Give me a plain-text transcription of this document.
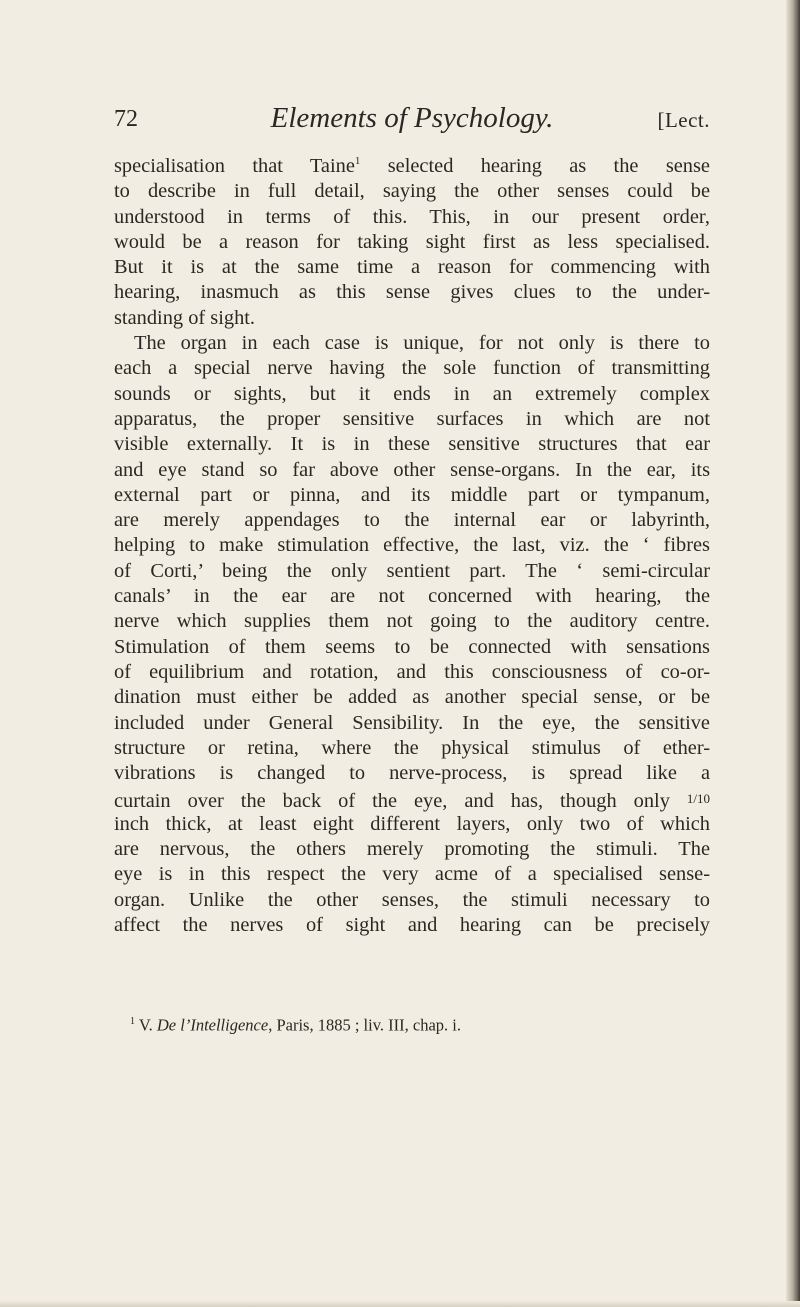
72	Elements of Psychology.	[Lect.
specialisation that Taine$^1$ selected hearing as the sense
to describe in full detail, saying the other senses could be
understood in terms of this. This, in our present order,
would be a reason for taking sight first as less specialised.
But it is at the same time a reason for commencing with
hearing, inasmuch as this sense gives clues to the under-
standing of sight.
The organ in each case is unique, for not only is there to
each a special nerve having the sole function of transmitting
sounds or sights, but it ends in an extremely complex
apparatus, the proper sensitive surfaces in which are not
visible externally. It is in these sensitive structures that ear
and eye stand so far above other sense-organs. In the ear, its
external part or pinna, and its middle part or tympanum,
are merely appendages to the internal ear or labyrinth,
helping to make stimulation effective, the last, viz. the ‘ fibres
of Corti,’ being the only sentient part. The ‘ semi-circular
canals’ in the ear are not concerned with hearing, the
nerve which supplies them not going to the auditory centre.
Stimulation of them seems to be connected with sensations
of equilibrium and rotation, and this consciousness of co-or-
dination must either be added as another special sense, or be
included under General Sensibility. In the eye, the sensitive
structure or retina, where the physical stimulus of ether-
vibrations is changed to nerve-process, is spread like a
curtain over the back of the eye, and has, though only 1/10
inch thick, at least eight different layers, only two of which
are nervous, the others merely promoting the stimuli. The
eye is in this respect the very acme of a specialised sense-
organ. Unlike the other senses, the stimuli necessary to
affect the nerves of sight and hearing can be precisely
$^1$ V. De l’Intelligence, Paris, 1885 ; liv. III, chap. i.
